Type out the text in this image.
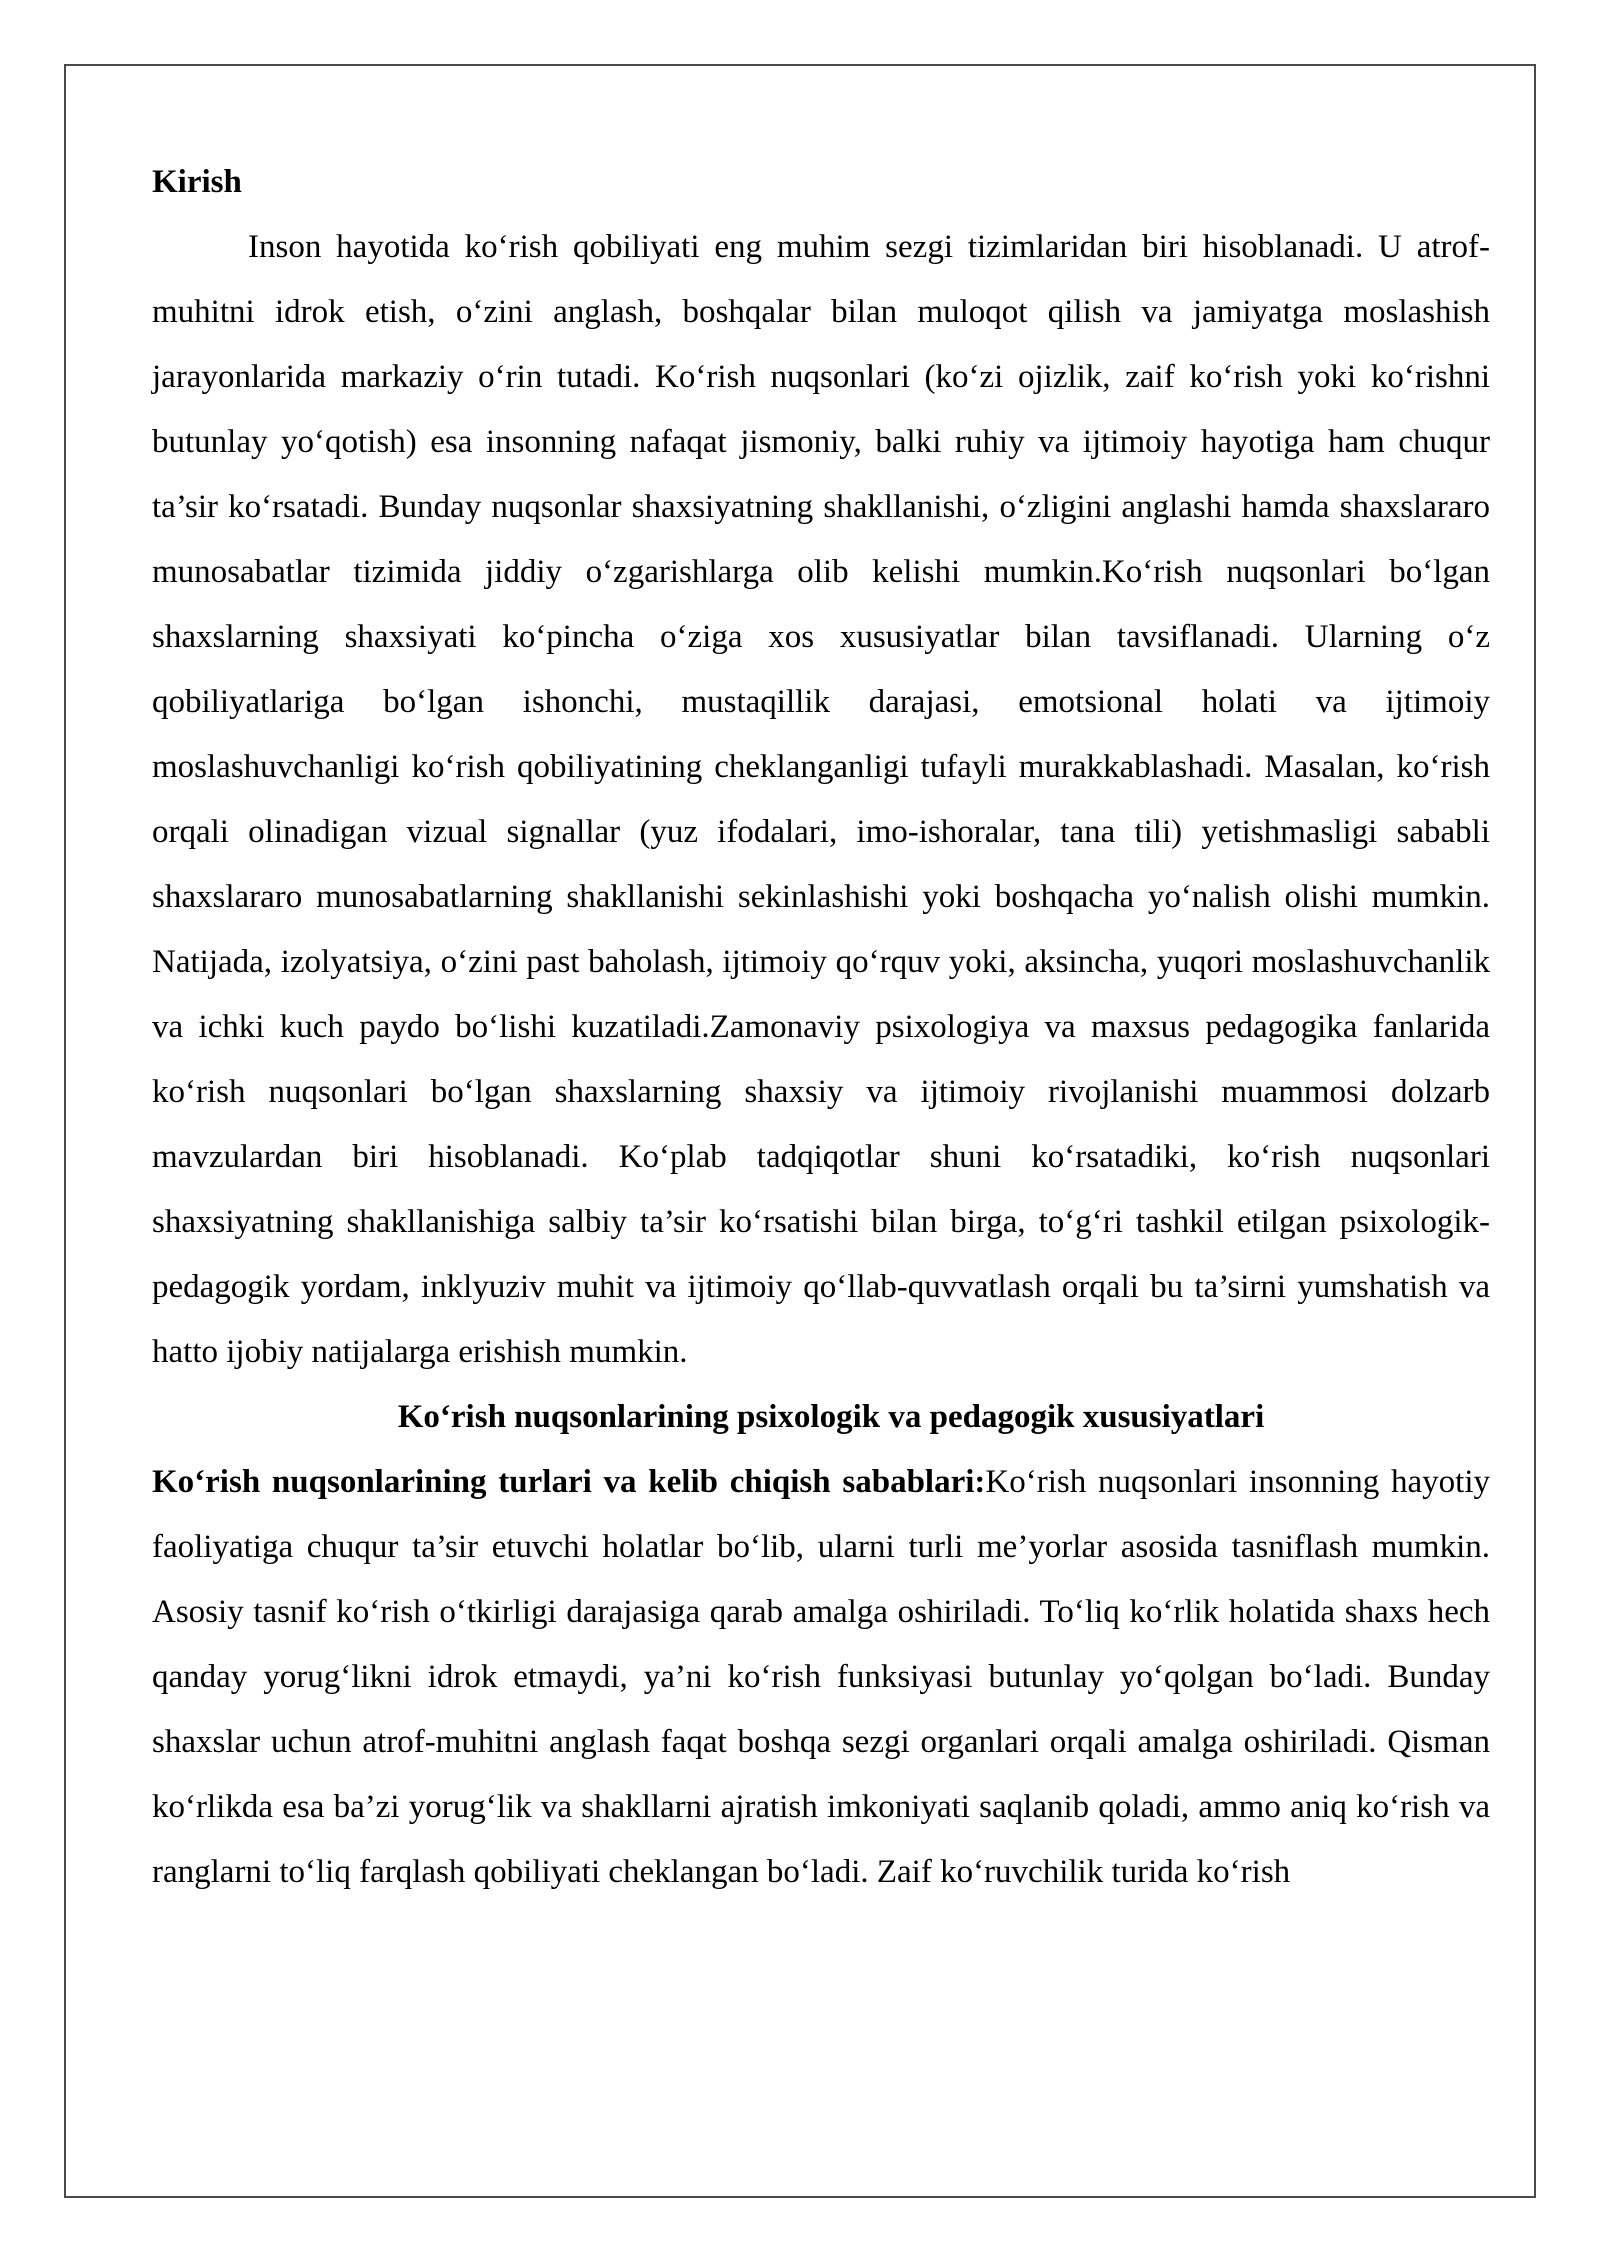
Kirish

Inson hayotida ko‘rish qobiliyati eng muhim sezgi tizimlaridan biri hisoblanadi. U atrof-muhitni idrok etish, o‘zini anglash, boshqalar bilan muloqot qilish va jamiyatga moslashish jarayonlarida markaziy o‘rin tutadi. Ko‘rish nuqsonlari (ko‘zi ojizlik, zaif ko‘rish yoki ko‘rishni butunlay yo‘qotish) esa insonning nafaqat jismoniy, balki ruhiy va ijtimoiy hayotiga ham chuqur ta’sir ko‘rsatadi. Bunday nuqsonlar shaxsiyatning shakllanishi, o‘zligini anglashi hamda shaxslararo munosabatlar tizimida jiddiy o‘zgarishlarga olib kelishi mumkin.Ko‘rish nuqsonlari bo‘lgan shaxslarning shaxsiyati ko‘pincha o‘ziga xos xususiyatlar bilan tavsiflanadi. Ularning o‘z qobiliyatlariga bo‘lgan ishonchi, mustaqillik darajasi, emotsional holati va ijtimoiy moslashuvchanligi ko‘rish qobiliyatining cheklanganligi tufayli murakkablashadi. Masalan, ko‘rish orqali olinadigan vizual signallar (yuz ifodalari, imo-ishoralar, tana tili) yetishmasligi sababli shaxslararo munosabatlarning shakllanishi sekinlashishi yoki boshqacha yo‘nalish olishi mumkin. Natijada, izolyatsiya, o‘zini past baholash, ijtimoiy qo‘rquv yoki, aksincha, yuqori moslashuvchanlik va ichki kuch paydo bo‘lishi kuzatiladi.Zamonaviy psixologiya va maxsus pedagogika fanlarida ko‘rish nuqsonlari bo‘lgan shaxslarning shaxsiy va ijtimoiy rivojlanishi muammosi dolzarb mavzulardan biri hisoblanadi. Ko‘plab tadqiqotlar shuni ko‘rsatadiki, ko‘rish nuqsonlari shaxsiyatning shakllanishiga salbiy ta’sir ko‘rsatishi bilan birga, to‘g‘ri tashkil etilgan psixologik-pedagogik yordam, inklyuziv muhit va ijtimoiy qo‘llab-quvvatlash orqali bu ta’sirni yumshatish va hatto ijobiy natijalarga erishish mumkin.

Ko‘rish nuqsonlarining psixologik va pedagogik xususiyatlari

Ko‘rish nuqsonlarining turlari va kelib chiqish sabablari:Ko‘rish nuqsonlari insonning hayotiy faoliyatiga chuqur ta’sir etuvchi holatlar bo‘lib, ularni turli me’yorlar asosida tasniflash mumkin. Asosiy tasnif ko‘rish o‘tkirligi darajasiga qarab amalga oshiriladi. To‘liq ko‘rlik holatida shaxs hech qanday yorug‘likni idrok etmaydi, ya’ni ko‘rish funksiyasi butunlay yo‘qolgan bo‘ladi. Bunday shaxslar uchun atrof-muhitni anglash faqat boshqa sezgi organlari orqali amalga oshiriladi. Qisman ko‘rlikda esa ba’zi yorug‘lik va shakllarni ajratish imkoniyati saqlanib qoladi, ammo aniq ko‘rish va ranglarni to‘liq farqlash qobiliyati cheklangan bo‘ladi. Zaif ko‘ruvchilik turida ko‘rish
